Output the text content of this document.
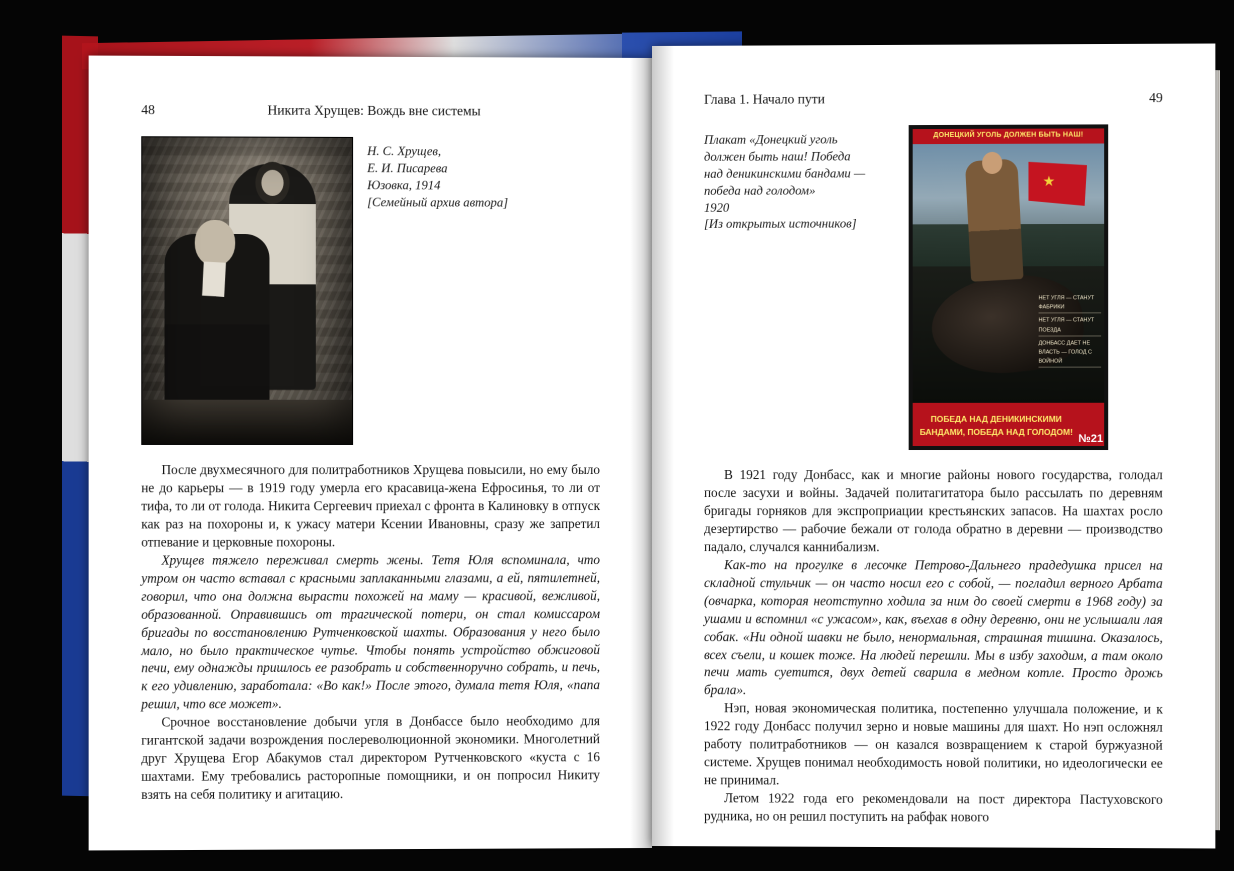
48	Никита Хрущев: Вождь вне системы
Н. С. Хрущев,
Е. И. Писарева
Юзовка, 1914
[Семейный архив автора]

После двухмесячного для политработников Хрущева повысили, но ему было не до карьеры — в 1919 году умерла его красавица-жена Ефросинья, то ли от тифа, то ли от голода. Никита Сергеевич приехал с фронта в Калиновку в отпуск как раз на похороны и, к ужасу матери Ксении Ивановны, сразу же запретил отпевание и церковные похороны.

Хрущев тяжело переживал смерть жены. Тетя Юля вспоминала, что утром он часто вставал с красными заплаканными глазами, а ей, пятилетней, говорил, что она должна вырасти похожей на маму — красивой, вежливой, образованной. Оправившись от трагической потери, он стал комиссаром бригады по восстановлению Рутченковской шахты. Образования у него было мало, но было практическое чутье. Чтобы понять устройство обжиговой печи, ему однажды пришлось ее разобрать и собственноручно собрать, и печь, к его удивлению, заработала: «Во как!» После этого, думала тетя Юля, «папа решил, что все может».

Срочное восстановление добычи угля в Донбассе было необходимо для гигантской задачи возрождения послереволюционной экономики. Многолетний друг Хрущева Егор Абакумов стал директором Рутченковского «куста с 16 шахтами. Ему требовались расторопные помощники, и он попросил Никиту взять на себя политику и агитацию.

Глава 1. Начало пути	49
Плакат «Донецкий уголь
должен быть наш! Победа
над деникинскими бандами —
победа над голодом»
1920
[Из открытых источников]
★
ДОНЕЦКИЙ УГОЛЬ ДОЛЖЕН БЫТЬ НАШ!
НЕТ УГЛЯ — СТАНУТ ФАБРИКИ
НЕТ УГЛЯ — СТАНУТ ПОЕЗДА
ДОНБАСС ДАЕТ НЕ ВЛАСТЬ — ГОЛОД С ВОЙНОЙ
ПОБЕДА НАД ДЕНИКИНСКИМИ БАНДАМИ, ПОБЕДА НАД ГОЛОДОМ!
№21

В 1921 году Донбасс, как и многие районы нового государства, голодал после засухи и войны. Задачей политагитатора было рассылать по деревням бригады горняков для экспроприации крестьянских запасов. На шахтах росло дезертирство — рабочие бежали от голода обратно в деревни — производство падало, случался каннибализм.

Как-то на прогулке в лесочке Петрово-Дальнего прадедушка присел на складной стульчик — он часто носил его с собой, — погладил верного Арбата (овчарка, которая неотступно ходила за ним до своей смерти в 1968 году) за ушами и вспомнил «с ужасом», как, въехав в одну деревню, они не услышали лая собак. «Ни одной шавки не было, ненормальная, страшная тишина. Оказалось, всех съели, и кошек тоже. На людей перешли. Мы в избу заходим, а там около печи мать суетится, двух детей сварила в медном котле. Просто дрожь брала».

Нэп, новая экономическая политика, постепенно улучшала положение, и к 1922 году Донбасс получил зерно и новые машины для шахт. Но нэп осложнял работу политработников — он казался возвращением к старой буржуазной системе. Хрущев понимал необходимость новой политики, но идеологически ее не принимал.

Летом 1922 года его рекомендовали на пост директора Пастуховского рудника, но он решил поступить на рабфак нового
